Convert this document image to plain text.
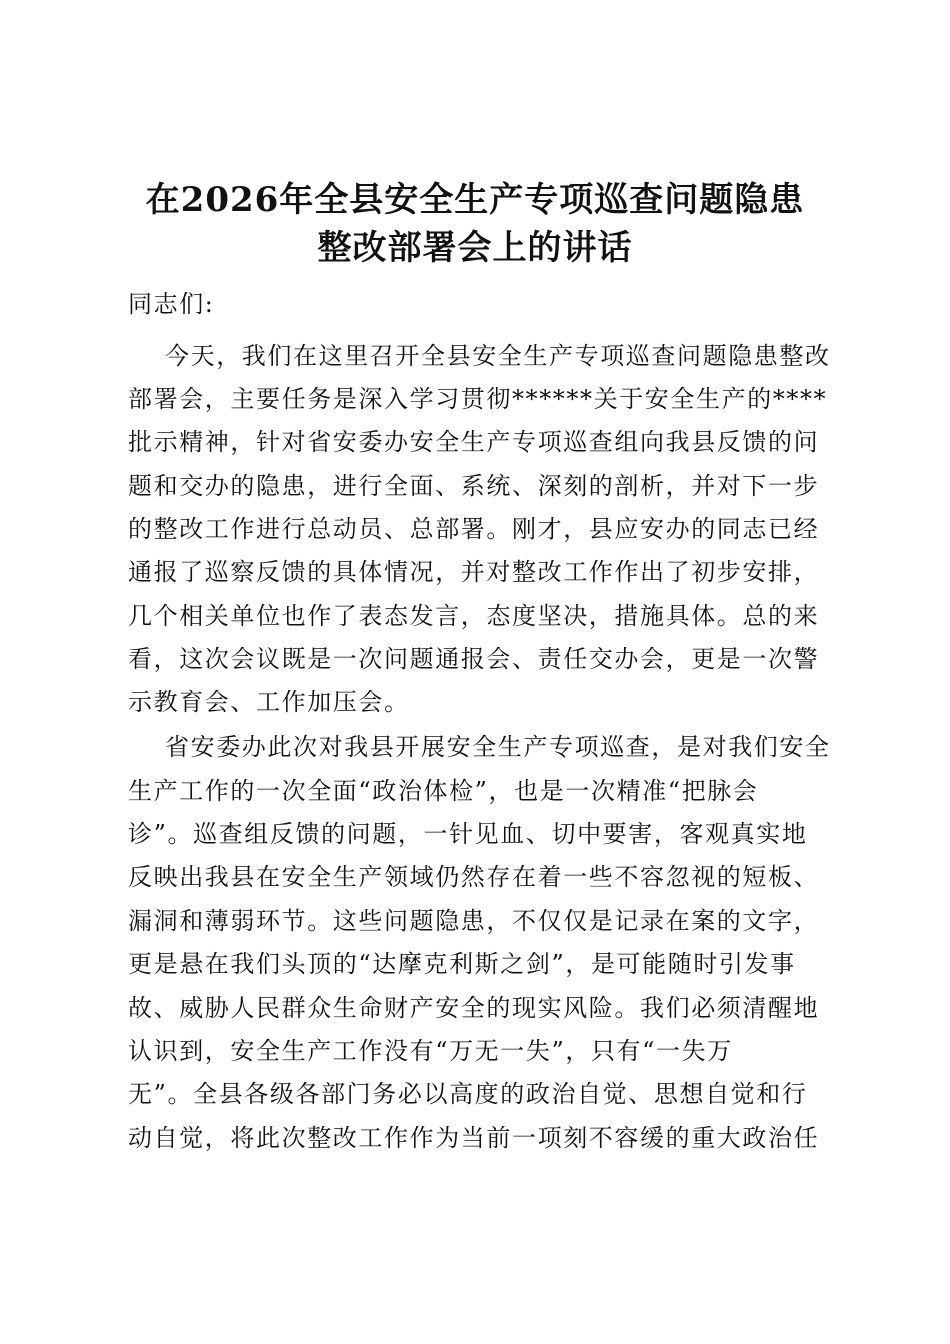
在2026年全县安全生产专项巡查问题隐患
整改部署会上的讲话
同志们:
今天，我们在这里召开全县安全生产专项巡查问题隐患整改
部署会，主要任务是深入学习贯彻******关于安全生产的****
批示精神，针对省安委办安全生产专项巡查组向我县反馈的问
题和交办的隐患，进行全面、系统、深刻的剖析，并对下一步
的整改工作进行总动员、总部署。刚才，县应安办的同志已经
通报了巡察反馈的具体情况，并对整改工作作出了初步安排，
几个相关单位也作了表态发言，态度坚决，措施具体。总的来
看，这次会议既是一次问题通报会、责任交办会，更是一次警
示教育会、工作加压会。
省安委办此次对我县开展安全生产专项巡查，是对我们安全
生产工作的一次全面“政治体检”，也是一次精准“把脉会
诊”。巡查组反馈的问题，一针见血、切中要害，客观真实地
反映出我县在安全生产领域仍然存在着一些不容忽视的短板、
漏洞和薄弱环节。这些问题隐患，不仅仅是记录在案的文字，
更是悬在我们头顶的“达摩克利斯之剑”，是可能随时引发事
故、威胁人民群众生命财产安全的现实风险。我们必须清醒地
认识到，安全生产工作没有“万无一失”，只有“一失万
无”。全县各级各部门务必以高度的政治自觉、思想自觉和行
动自觉，将此次整改工作作为当前一项刻不容缓的重大政治任
